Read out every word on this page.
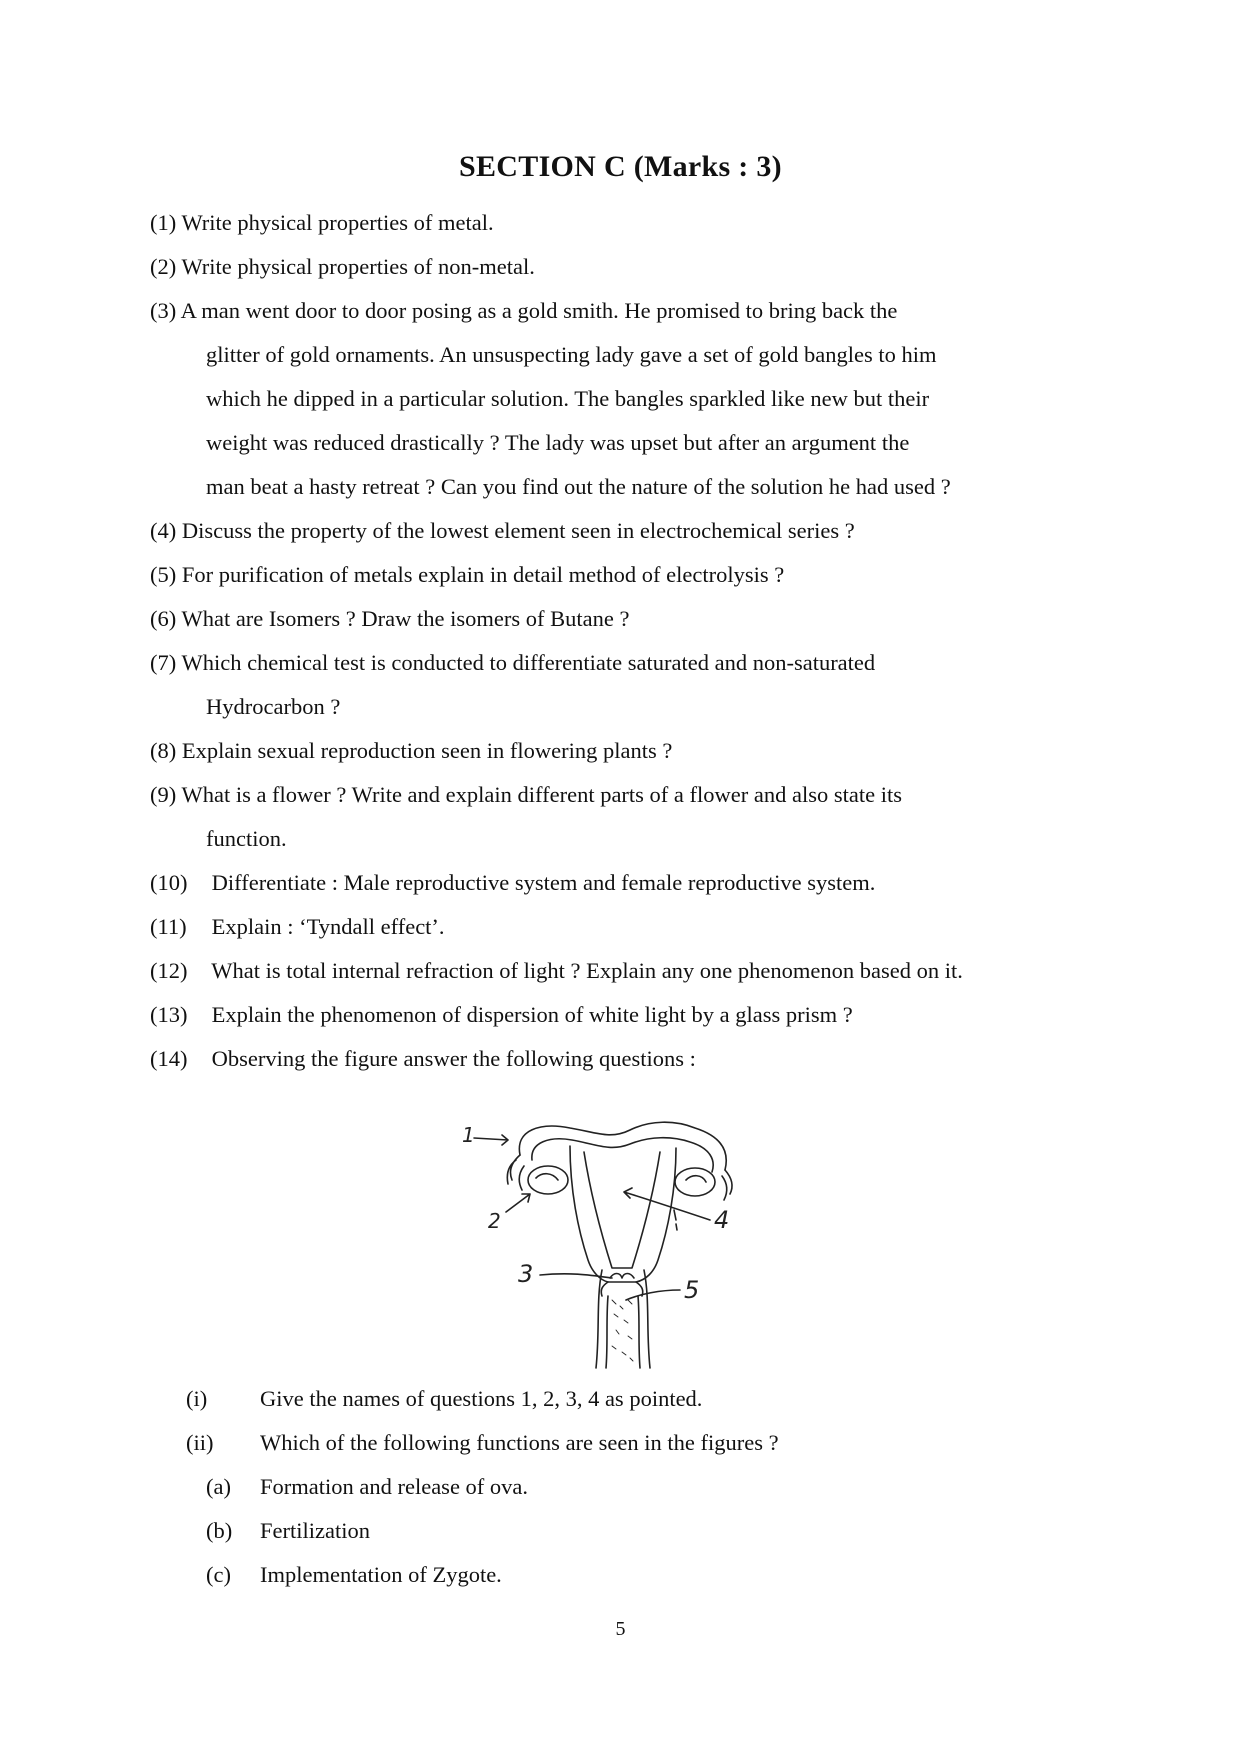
SECTION C (Marks : 3)
(1) Write physical properties of metal.
(2) Write physical properties of non-metal.
(3) A man went door to door posing as a gold smith. He promised to bring back the
glitter of gold ornaments. An unsuspecting lady gave a set of gold bangles to him
which he dipped in a particular solution. The bangles sparkled like new but their
weight was reduced drastically ? The lady was upset but after an argument the
man beat a hasty retreat ? Can you find out the nature of the solution he had used ?
(4) Discuss the property of the lowest element seen in electrochemical series ?
(5) For purification of metals explain in detail method of electrolysis ?
(6) What are Isomers ? Draw the isomers of Butane ?
(7) Which chemical test is conducted to differentiate saturated and non-saturated
Hydrocarbon ?
(8) Explain sexual reproduction seen in flowering plants ?
(9) What is a flower ? Write and explain different parts of a flower and also state its
function.
(10) Differentiate : Male reproductive system and female reproductive system.
(11) Explain : ‘Tyndall effect’.
(12) What is total internal refraction of light ? Explain any one phenomenon based on it.
(13) Explain the phenomenon of dispersion of white light by a glass prism ?
(14) Observing the figure answer the following questions :
1
2
3
4
5
(i) Give the names of questions 1, 2, 3, 4 as pointed.
(ii) Which of the following functions are seen in the figures ?
(a) Formation and release of ova.
(b) Fertilization
(c) Implementation of Zygote.
5
